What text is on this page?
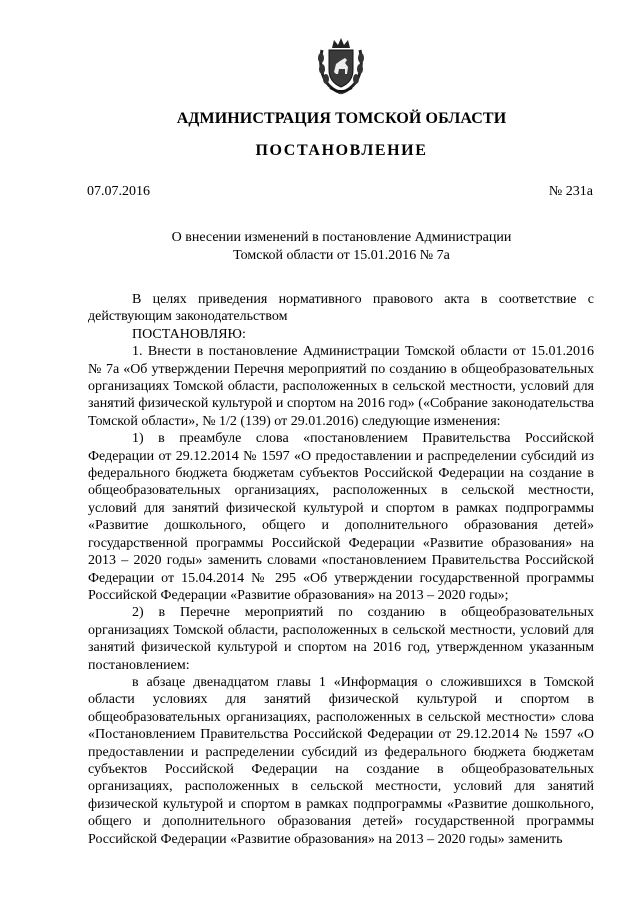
АДМИНИСТРАЦИЯ ТОМСКОЙ ОБЛАСТИ
ПОСТАНОВЛЕНИЕ
07.07.2016	№ 231а
О внесении изменений в постановление Администрации
Томской области от 15.01.2016 № 7а

В целях приведения нормативного правового акта в соответствие с действующим законодательством

ПОСТАНОВЛЯЮ:

1. Внести в постановление Администрации Томской области от 15.01.2016 № 7а «Об утверждении Перечня мероприятий по созданию в общеобразовательных организациях Томской области, расположенных в сельской местности, условий для занятий физической культурой и спортом на 2016 год» («Собрание законодательства Томской области», № 1/2 (139) от 29.01.2016) следующие изменения:

1) в преамбуле слова «постановлением Правительства Российской Федерации от 29.12.2014 № 1597 «О предоставлении и распределении субсидий из федерального бюджета бюджетам субъектов Российской Федерации на создание в общеобразовательных организациях, расположенных в сельской местности, условий для занятий физической культурой и спортом в рамках подпрограммы «Развитие дошкольного, общего и дополнительного образования детей» государственной программы Российской Федерации «Развитие образования» на 2013 – 2020 годы» заменить словами «постановлением Правительства Российской Федерации от 15.04.2014 № 295 «Об утверждении государственной программы Российской Федерации «Развитие образования» на 2013 – 2020 годы»;

2) в Перечне мероприятий по созданию в общеобразовательных организациях Томской области, расположенных в сельской местности, условий для занятий физической культурой и спортом на 2016 год, утвержденном указанным постановлением:

в абзаце двенадцатом главы 1 «Информация о сложившихся в Томской области условиях для занятий физической культурой и спортом в общеобразовательных организациях, расположенных в сельской местности» слова «Постановлением Правительства Российской Федерации от 29.12.2014 № 1597 «О предоставлении и распределении субсидий из федерального бюджета бюджетам субъектов Российской Федерации на создание в общеобразовательных организациях, расположенных в сельской местности, условий для занятий физической культурой и спортом в рамках подпрограммы «Развитие дошкольного, общего и дополнительного образования детей» государственной программы Российской Федерации «Развитие образования» на 2013 – 2020 годы» заменить
